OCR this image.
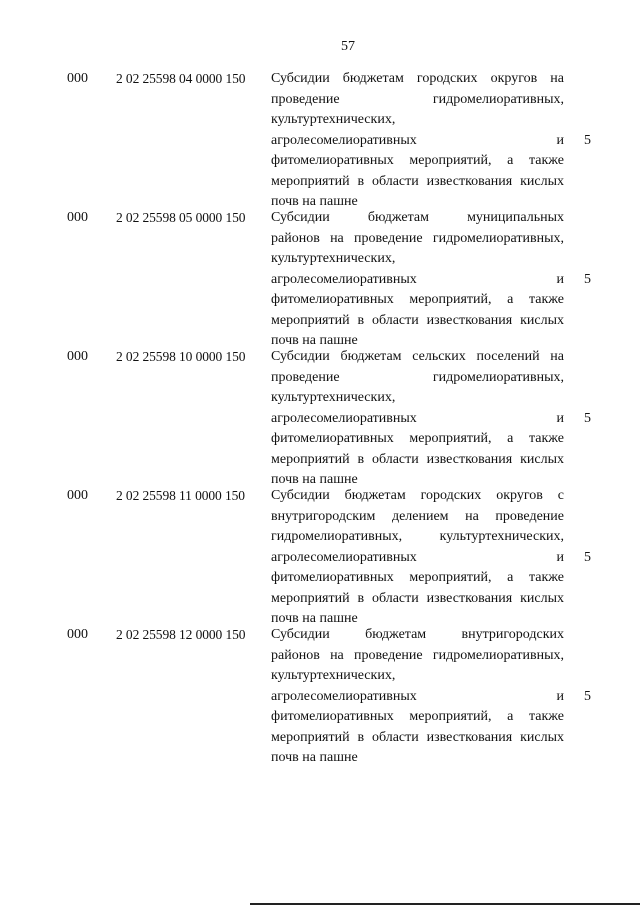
57
000 2 02 25598 04 0000 150 Субсидии бюджетам городских округов на
проведение гидромелиоративных,
культуртехнических,
агролесомелиоративных и
фитомелиоративных мероприятий, а также
мероприятий в области известкования кислых
почв на пашне
5
000 2 02 25598 05 0000 150 Субсидии бюджетам муниципальных
районов на проведение гидромелиоративных,
культуртехнических,
агролесомелиоративных и
фитомелиоративных мероприятий, а также
мероприятий в области известкования кислых
почв на пашне
5
000 2 02 25598 10 0000 150 Субсидии бюджетам сельских поселений на
проведение гидромелиоративных,
культуртехнических,
агролесомелиоративных и
фитомелиоративных мероприятий, а также
мероприятий в области известкования кислых
почв на пашне
5
000 2 02 25598 11 0000 150 Субсидии бюджетам городских округов с
внутригородским делением на проведение
гидромелиоративных, культуртехнических,
агролесомелиоративных и
фитомелиоративных мероприятий, а также
мероприятий в области известкования кислых
почв на пашне
5
000 2 02 25598 12 0000 150 Субсидии бюджетам внутригородских
районов на проведение гидромелиоративных,
культуртехнических,
агролесомелиоративных и
фитомелиоративных мероприятий, а также
мероприятий в области известкования кислых
почв на пашне
5
